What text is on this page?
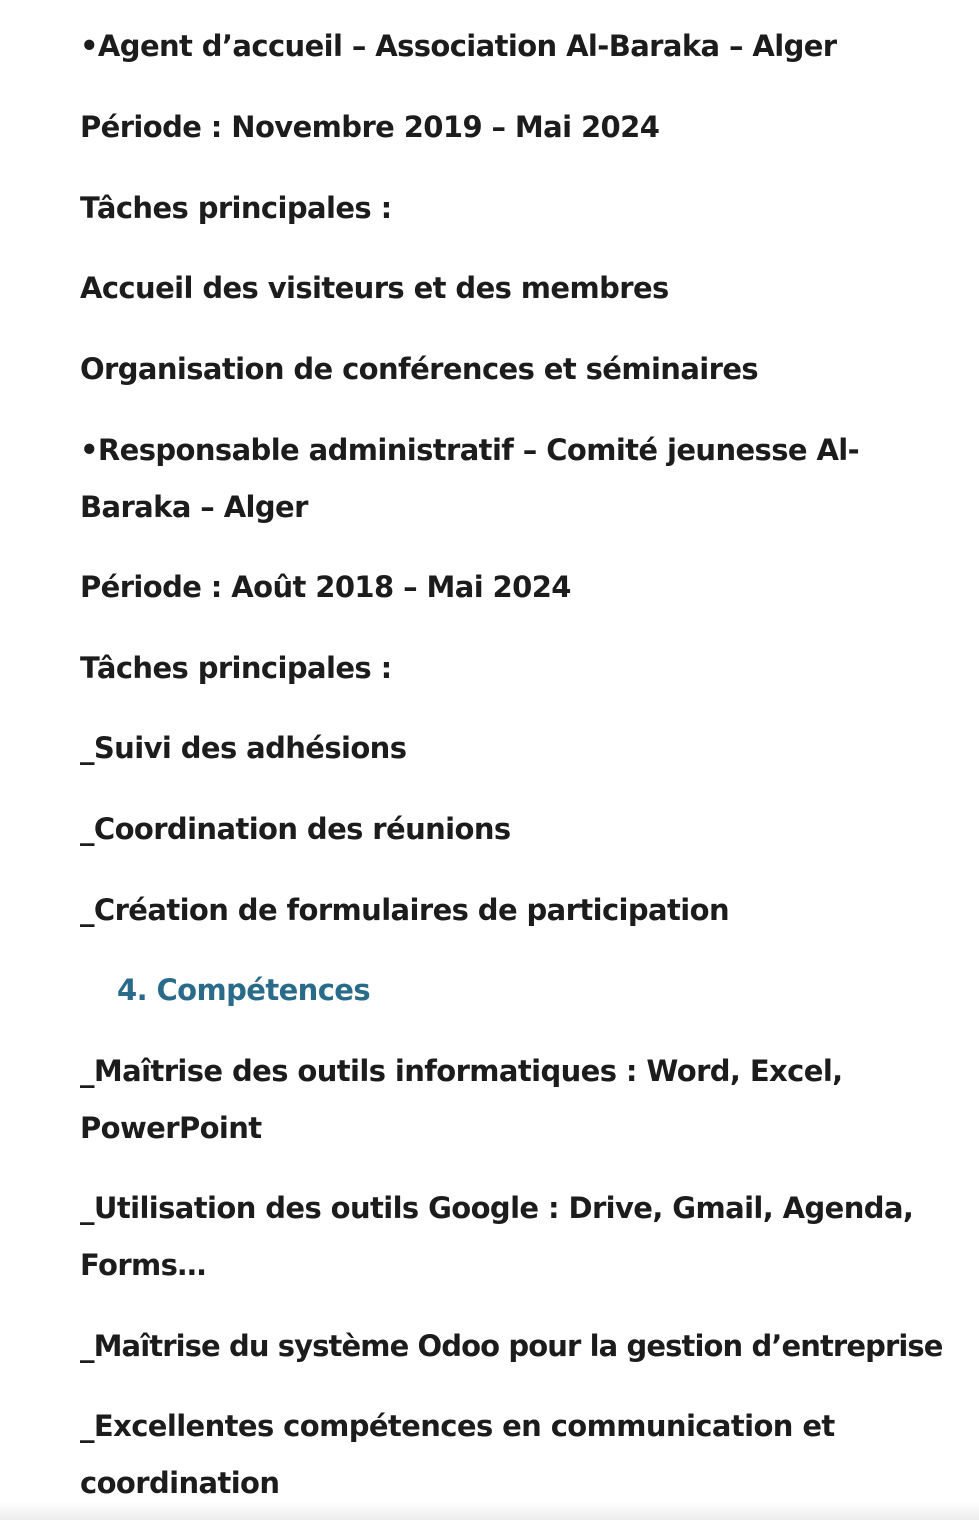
•Agent d’accueil – Association Al-Baraka – Alger

Période : Novembre 2019 – Mai 2024

Tâches principales :

Accueil des visiteurs et des membres

Organisation de conférences et séminaires

•Responsable administratif – Comité jeunesse Al-

Baraka – Alger

Période : Août 2018 – Mai 2024

Tâches principales :

_Suivi des adhésions

_Coordination des réunions

_Création de formulaires de participation

4. Compétences

_Maîtrise des outils informatiques : Word, Excel,

PowerPoint

_Utilisation des outils Google : Drive, Gmail, Agenda,

Forms…

_Maîtrise du système Odoo pour la gestion d’entreprise

_Excellentes compétences en communication et

coordination
